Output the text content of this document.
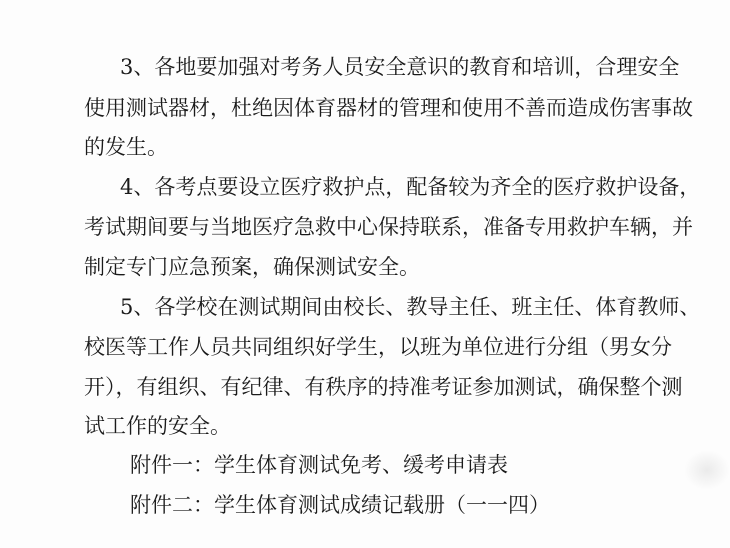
3、各地要加强对考务人员安全意识的教育和培训，合理安全
使用测试器材，杜绝因体育器材的管理和使用不善而造成伤害事故
的发生。
4、各考点要设立医疗救护点，配备较为齐全的医疗救护设备，
考试期间要与当地医疗急救中心保持联系，准备专用救护车辆，并
制定专门应急预案，确保测试安全。
5、各学校在测试期间由校长、教导主任、班主任、体育教师、
校医等工作人员共同组织好学生，以班为单位进行分组（男女分
开），有组织、有纪律、有秩序的持准考证参加测试，确保整个测
试工作的安全。
附件一：学生体育测试免考、缓考申请表
附件二：学生体育测试成绩记载册（一一四）
